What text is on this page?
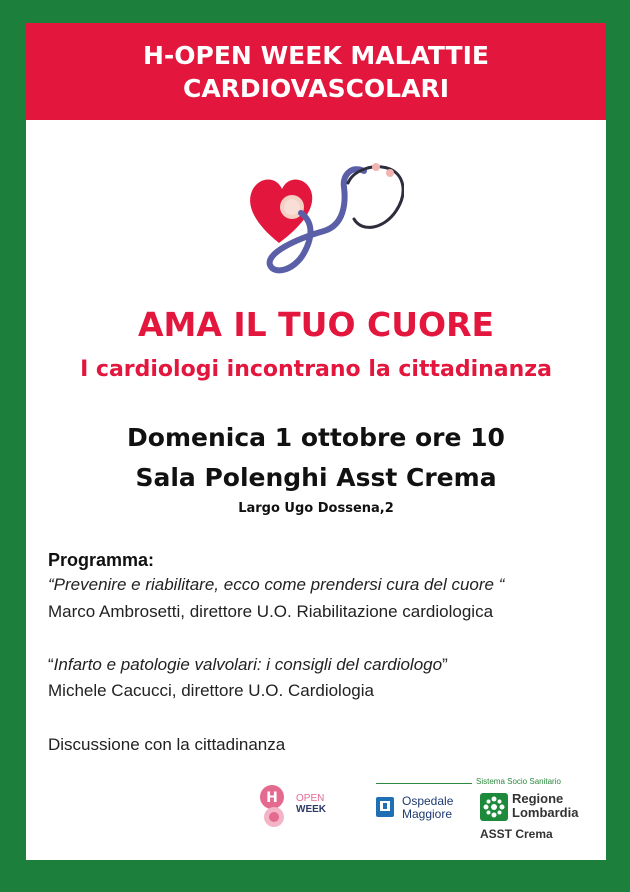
H-OPEN WEEK MALATTIE
CARDIOVASCOLARI
AMA IL TUO CUORE
I cardiologi incontrano la cittadinanza
Domenica 1 ottobre ore 10
Sala Polenghi Asst Crema
Largo Ugo Dossena,2
Programma:
“Prevenire e riabilitare, ecco come prendersi cura del cuore “
Marco Ambrosetti, direttore U.O. Riabilitazione cardiologica
“Infarto e patologie valvolari: i consigli del cardiologo”
Michele Cacucci, direttore U.O. Cardiologia
Discussione con la cittadinanza
H OPEN
WEEK
Sistema Socio Sanitario
Ospedale
Maggiore
Regione
Lombardia
ASST Crema
